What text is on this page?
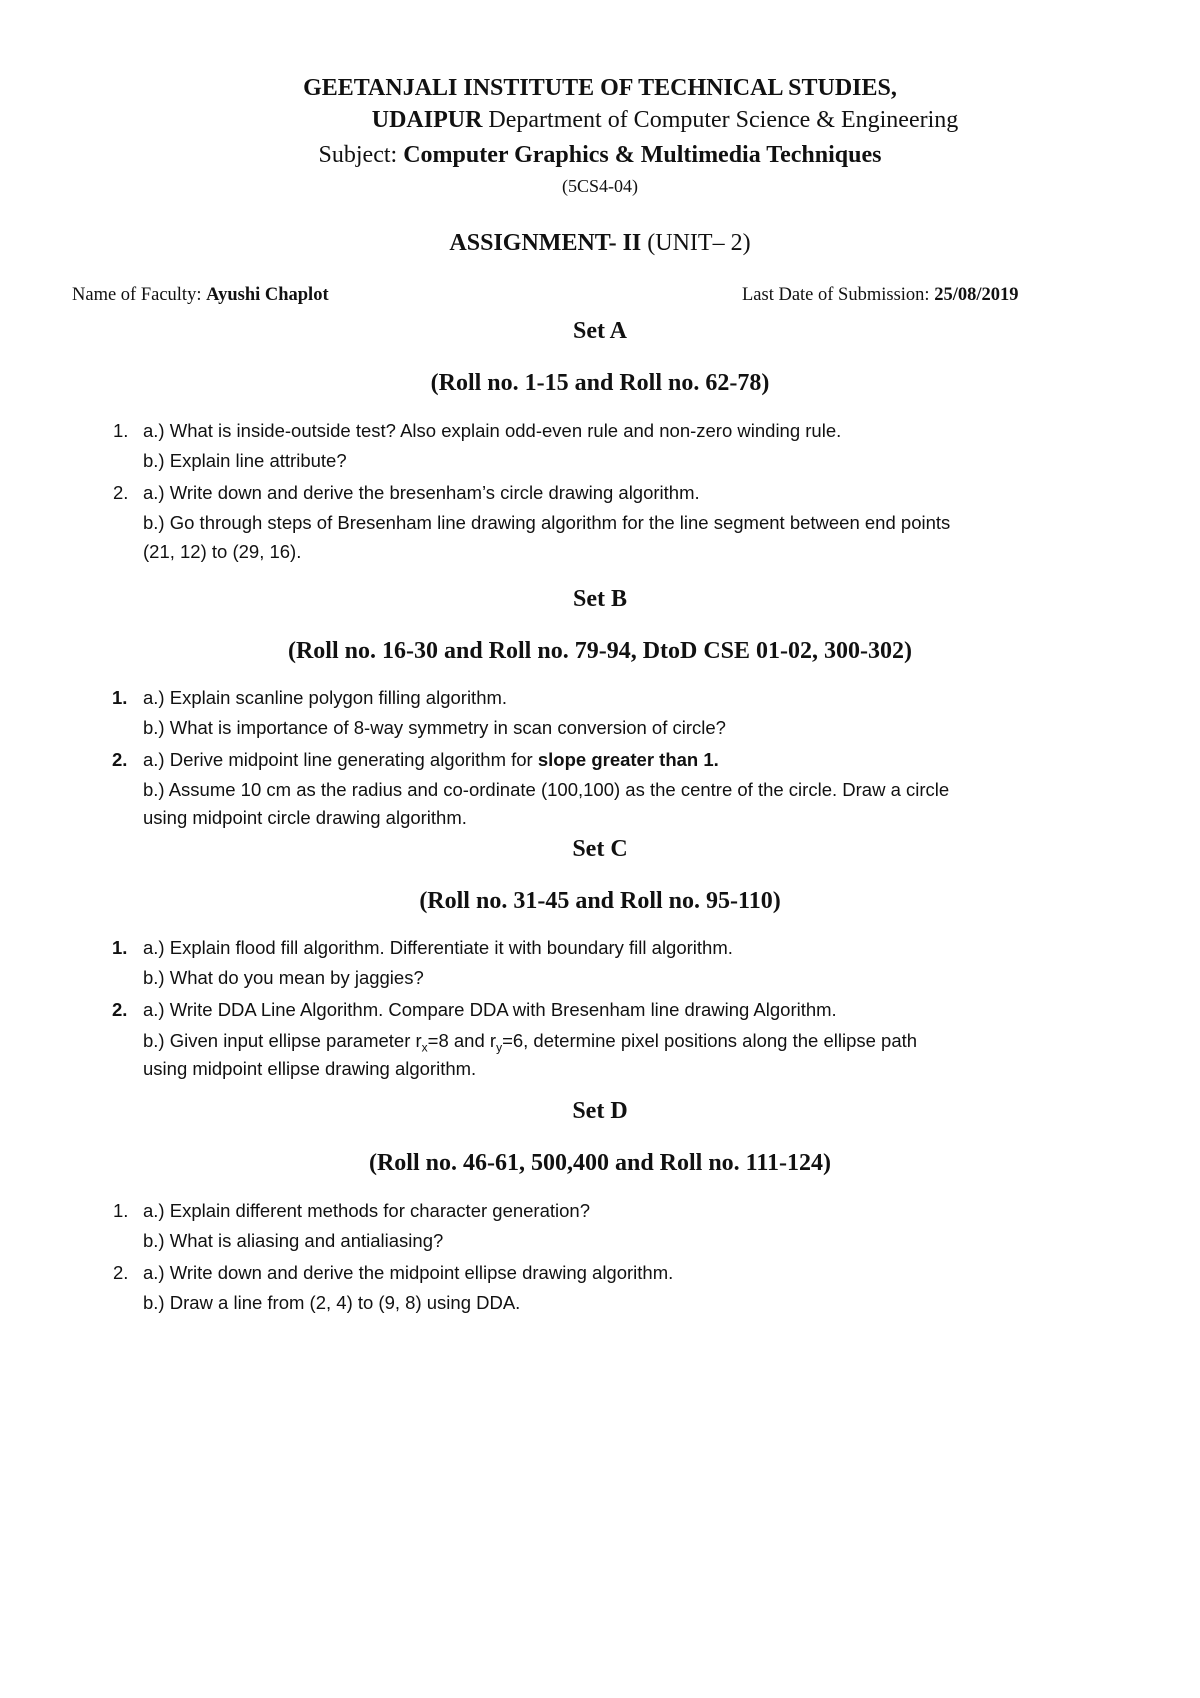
GEETANJALI INSTITUTE OF TECHNICAL STUDIES,
UDAIPUR Department of Computer Science & Engineering
Subject: Computer Graphics & Multimedia Techniques
(5CS4-04)
ASSIGNMENT- II (UNIT– 2)
Name of Faculty: Ayushi Chaplot	Last Date of Submission: 25/08/2019
Set A
(Roll no. 1-15 and Roll no. 62-78)
1. a.) What is inside-outside test? Also explain odd-even rule and non-zero winding rule.
b.) Explain line attribute?
2. a.) Write down and derive the bresenham’s circle drawing algorithm.
b.) Go through steps of Bresenham line drawing algorithm for the line segment between end points
(21, 12) to (29, 16).
Set B
(Roll no. 16-30 and Roll no. 79-94, DtoD CSE 01-02, 300-302)
1. a.) Explain scanline polygon filling algorithm.
b.) What is importance of 8-way symmetry in scan conversion of circle?
2. a.) Derive midpoint line generating algorithm for slope greater than 1.
b.) Assume 10 cm as the radius and co-ordinate (100,100) as the centre of the circle. Draw a circle
using midpoint circle drawing algorithm.
Set C
(Roll no. 31-45 and Roll no. 95-110)
1. a.) Explain flood fill algorithm. Differentiate it with boundary fill algorithm.
b.) What do you mean by jaggies?
2. a.) Write DDA Line Algorithm. Compare DDA with Bresenham line drawing Algorithm.
b.) Given input ellipse parameter $r_x=8$ and $r_y=6$, determine pixel positions along the ellipse path
using midpoint ellipse drawing algorithm.
Set D
(Roll no. 46-61, 500,400 and Roll no. 111-124)
1. a.) Explain different methods for character generation?
b.) What is aliasing and antialiasing?
2. a.) Write down and derive the midpoint ellipse drawing algorithm.
b.) Draw a line from (2, 4) to (9, 8) using DDA.
